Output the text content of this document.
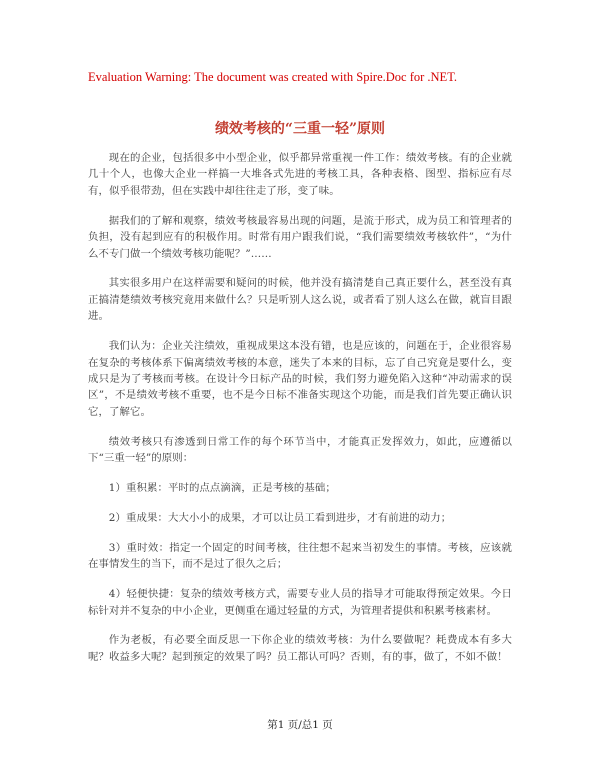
Evaluation Warning: The document was created with Spire.Doc for .NET.
绩效考核的“三重一轻”原则

现在的企业，包括很多中小型企业，似乎都异常重视一件工作：绩效考核。有的企业就几十个人，也像大企业一样搞一大堆各式先进的考核工具，各种表格、图型、指标应有尽有，似乎很带劲，但在实践中却往往走了形，变了味。

据我们的了解和观察，绩效考核最容易出现的问题，是流于形式，成为员工和管理者的负担，没有起到应有的积极作用。时常有用户跟我们说，“我们需要绩效考核软件”，“为什么不专门做一个绩效考核功能呢？”……

其实很多用户在这样需要和疑问的时候，他并没有搞清楚自己真正要什么，甚至没有真正搞清楚绩效考核究竟用来做什么？只是听别人这么说，或者看了别人这么在做，就盲目跟进。

我们认为：企业关注绩效，重视成果这本没有错，也是应该的，问题在于，企业很容易在复杂的考核体系下偏离绩效考核的本意，迷失了本来的目标，忘了自己究竟是要什么，变成只是为了考核而考核。在设计今日标产品的时候，我们努力避免陷入这种“冲动需求的误区”，不是绩效考核不重要，也不是今日标不准备实现这个功能，而是我们首先要正确认识它，了解它。

绩效考核只有渗透到日常工作的每个环节当中，才能真正发挥效力，如此，应遵循以下“三重一轻”的原则：

1）重积累：平时的点点滴滴，正是考核的基础；

2）重成果：大大小小的成果，才可以让员工看到进步，才有前进的动力；

3）重时效：指定一个固定的时间考核，往往想不起来当初发生的事情。考核，应该就在事情发生的当下，而不是过了很久之后；

4）轻便快捷：复杂的绩效考核方式，需要专业人员的指导才可能取得预定效果。今日标针对并不复杂的中小企业，更侧重在通过轻量的方式，为管理者提供和积累考核素材。

作为老板，有必要全面反思一下你企业的绩效考核：为什么要做呢？耗费成本有多大呢？收益多大呢？起到预定的效果了吗？员工都认可吗？否则，有的事，做了，不如不做！

第1 页/总1 页
